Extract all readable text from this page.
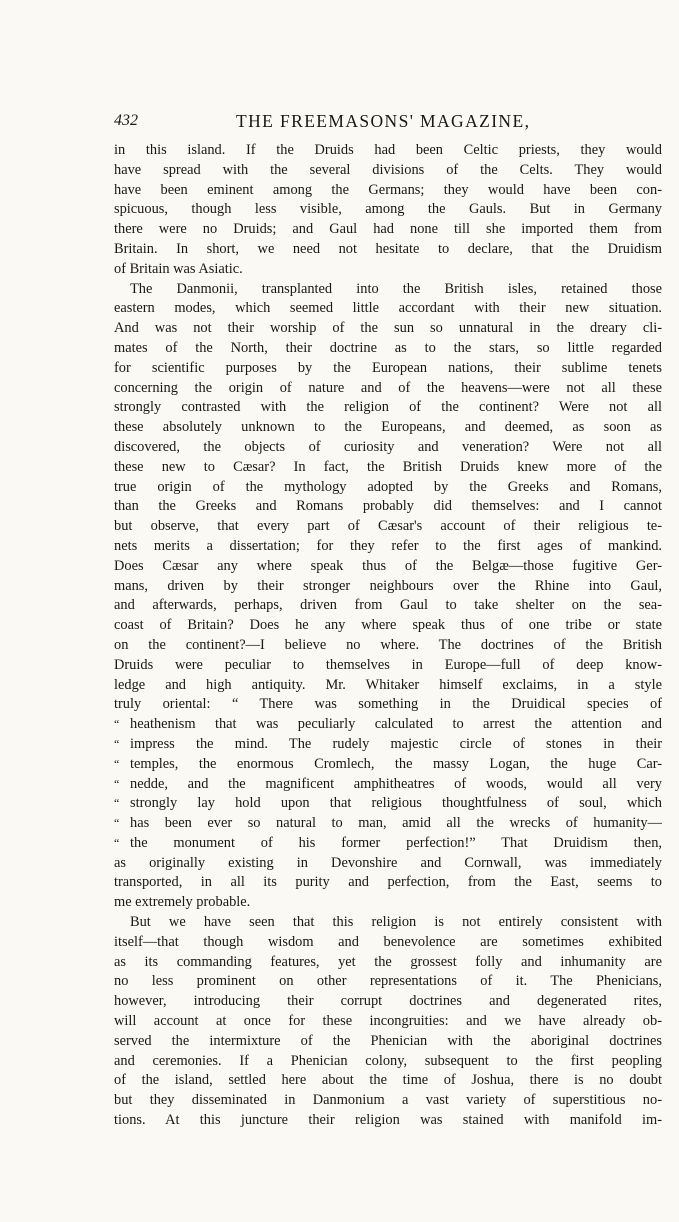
432	THE FREEMASONS' MAGAZINE,
in this island. If the Druids had been Celtic priests, they would
have spread with the several divisions of the Celts. They would
have been eminent among the Germans; they would have been con-
spicuous, though less visible, among the Gauls. But in Germany
there were no Druids; and Gaul had none till she imported them from
Britain. In short, we need not hesitate to declare, that the Druidism
of Britain was Asiatic.
The Danmonii, transplanted into the British isles, retained those
eastern modes, which seemed little accordant with their new situation.
And was not their worship of the sun so unnatural in the dreary cli-
mates of the North, their doctrine as to the stars, so little regarded
for scientific purposes by the European nations, their sublime tenets
concerning the origin of nature and of the heavens—were not all these
strongly contrasted with the religion of the continent? Were not all
these absolutely unknown to the Europeans, and deemed, as soon as
discovered, the objects of curiosity and veneration? Were not all
these new to Cæsar? In fact, the British Druids knew more of the
true origin of the mythology adopted by the Greeks and Romans,
than the Greeks and Romans probably did themselves: and I cannot
but observe, that every part of Cæsar's account of their religious te-
nets merits a dissertation; for they refer to the first ages of mankind.
Does Cæsar any where speak thus of the Belgæ—those fugitive Ger-
mans, driven by their stronger neighbours over the Rhine into Gaul,
and afterwards, perhaps, driven from Gaul to take shelter on the sea-
coast of Britain? Does he any where speak thus of one tribe or state
on the continent?—I believe no where. The doctrines of the British
Druids were peculiar to themselves in Europe—full of deep know-
ledge and high antiquity. Mr. Whitaker himself exclaims, in a style
truly oriental: “ There was something in the Druidical species of
“ heathenism that was peculiarly calculated to arrest the attention and
“ impress the mind. The rudely majestic circle of stones in their
“ temples, the enormous Cromlech, the massy Logan, the huge Car-
“ nedde, and the magnificent amphitheatres of woods, would all very
“ strongly lay hold upon that religious thoughtfulness of soul, which
“ has been ever so natural to man, amid all the wrecks of humanity—
“ the monument of his former perfection!” That Druidism then,
as originally existing in Devonshire and Cornwall, was immediately
transported, in all its purity and perfection, from the East, seems to
me extremely probable.
But we have seen that this religion is not entirely consistent with
itself—that though wisdom and benevolence are sometimes exhibited
as its commanding features, yet the grossest folly and inhumanity are
no less prominent on other representations of it. The Phenicians,
however, introducing their corrupt doctrines and degenerated rites,
will account at once for these incongruities: and we have already ob-
served the intermixture of the Phenician with the aboriginal doctrines
and ceremonies. If a Phenician colony, subsequent to the first peopling
of the island, settled here about the time of Joshua, there is no doubt
but they disseminated in Danmonium a vast variety of superstitious no-
tions. At this juncture their religion was stained with manifold im-
